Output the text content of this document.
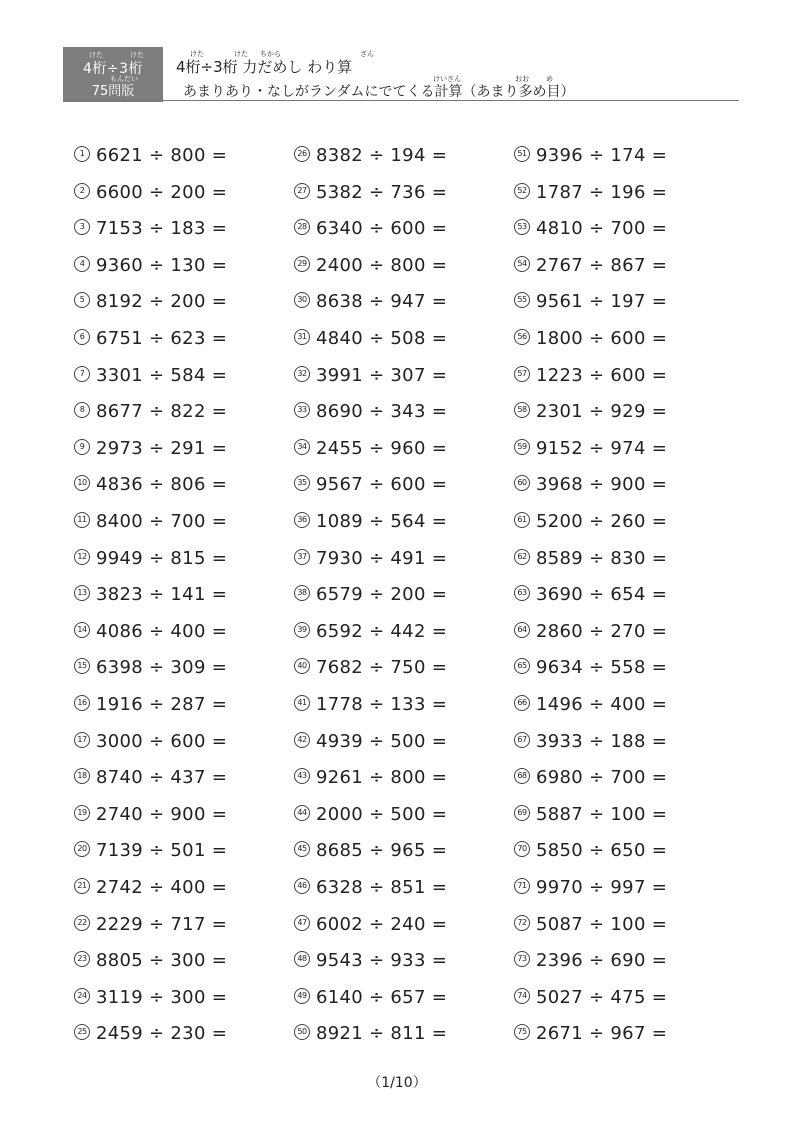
けた	けた
4桁÷3桁
もんだい
75問版
けた	けた ちから	ざん
4桁÷3桁 力だめし わり算
けいさん	おお め
あまりあり・なしがランダムにでてくる計算（あまり多め目）
1 6621 ÷ 800 =
2 6600 ÷ 200 =
3 7153 ÷ 183 =
4 9360 ÷ 130 =
5 8192 ÷ 200 =
6 6751 ÷ 623 =
7 3301 ÷ 584 =
8 8677 ÷ 822 =
9 2973 ÷ 291 =
10 4836 ÷ 806 =
11 8400 ÷ 700 =
12 9949 ÷ 815 =
13 3823 ÷ 141 =
14 4086 ÷ 400 =
15 6398 ÷ 309 =
16 1916 ÷ 287 =
17 3000 ÷ 600 =
18 8740 ÷ 437 =
19 2740 ÷ 900 =
20 7139 ÷ 501 =
21 2742 ÷ 400 =
22 2229 ÷ 717 =
23 8805 ÷ 300 =
24 3119 ÷ 300 =
25 2459 ÷ 230 =
26 8382 ÷ 194 =
27 5382 ÷ 736 =
28 6340 ÷ 600 =
29 2400 ÷ 800 =
30 8638 ÷ 947 =
31 4840 ÷ 508 =
32 3991 ÷ 307 =
33 8690 ÷ 343 =
34 2455 ÷ 960 =
35 9567 ÷ 600 =
36 1089 ÷ 564 =
37 7930 ÷ 491 =
38 6579 ÷ 200 =
39 6592 ÷ 442 =
40 7682 ÷ 750 =
41 1778 ÷ 133 =
42 4939 ÷ 500 =
43 9261 ÷ 800 =
44 2000 ÷ 500 =
45 8685 ÷ 965 =
46 6328 ÷ 851 =
47 6002 ÷ 240 =
48 9543 ÷ 933 =
49 6140 ÷ 657 =
50 8921 ÷ 811 =
51 9396 ÷ 174 =
52 1787 ÷ 196 =
53 4810 ÷ 700 =
54 2767 ÷ 867 =
55 9561 ÷ 197 =
56 1800 ÷ 600 =
57 1223 ÷ 600 =
58 2301 ÷ 929 =
59 9152 ÷ 974 =
60 3968 ÷ 900 =
61 5200 ÷ 260 =
62 8589 ÷ 830 =
63 3690 ÷ 654 =
64 2860 ÷ 270 =
65 9634 ÷ 558 =
66 1496 ÷ 400 =
67 3933 ÷ 188 =
68 6980 ÷ 700 =
69 5887 ÷ 100 =
70 5850 ÷ 650 =
71 9970 ÷ 997 =
72 5087 ÷ 100 =
73 2396 ÷ 690 =
74 5027 ÷ 475 =
75 2671 ÷ 967 =
（1/10）
